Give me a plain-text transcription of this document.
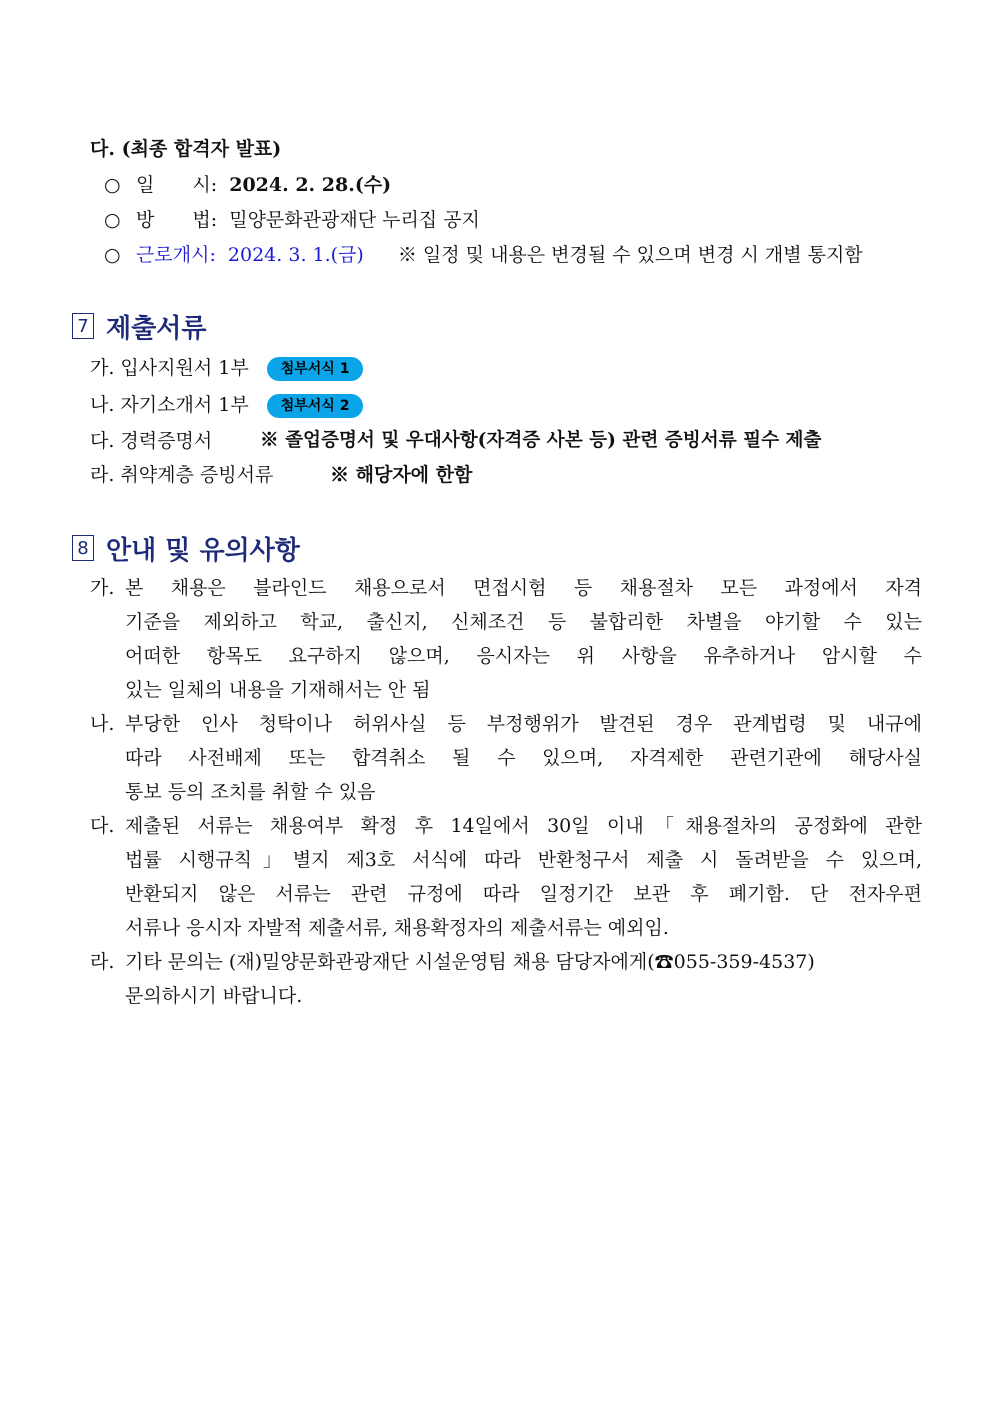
다. (최종 합격자 발표)
○ 일　　시: 2024. 2. 28.(수)
○ 방　　법: 밀양문화관광재단 누리집 공지
○ 근로개시: 2024. 3. 1.(금) ※ 일정 및 내용은 변경될 수 있으며 변경 시 개별 통지함
7 제출서류
가. 입사지원서 1부 첨부서식 1
나. 자기소개서 1부 첨부서식 2
다. 경력증명서	※ 졸업증명서 및 우대사항(자격증 사본 등) 관련 증빙서류 필수 제출
라. 취약계층 증빙서류	※ 해당자에 한함
8 안내 및 유의사항
가. 본 채용은 블라인드 채용으로서 면접시험 등 채용절차 모든 과정에서 자격
기준을 제외하고 학교, 출신지, 신체조건 등 불합리한 차별을 야기할 수 있는
어떠한 항목도 요구하지 않으며, 응시자는 위 사항을 유추하거나 암시할 수
있는 일체의 내용을 기재해서는 안 됨
나. 부당한 인사 청탁이나 허위사실 등 부정행위가 발견된 경우 관계법령 및 내규에
따라 사전배제 또는 합격취소 될 수 있으며, 자격제한 관련기관에 해당사실
통보 등의 조치를 취할 수 있음
다. 제출된 서류는 채용여부 확정 후 14일에서 30일 이내「채용절차의 공정화에 관한
법률 시행규칙」별지 제3호 서식에 따라 반환청구서 제출 시 돌려받을 수 있으며,
반환되지 않은 서류는 관련 규정에 따라 일정기간 보관 후 폐기함. 단 전자우편
서류나 응시자 자발적 제출서류, 채용확정자의 제출서류는 예외임.
라. 기타 문의는 (재)밀양문화관광재단 시설운영팀 채용 담당자에게(☎055-359-4537)
문의하시기 바랍니다.
